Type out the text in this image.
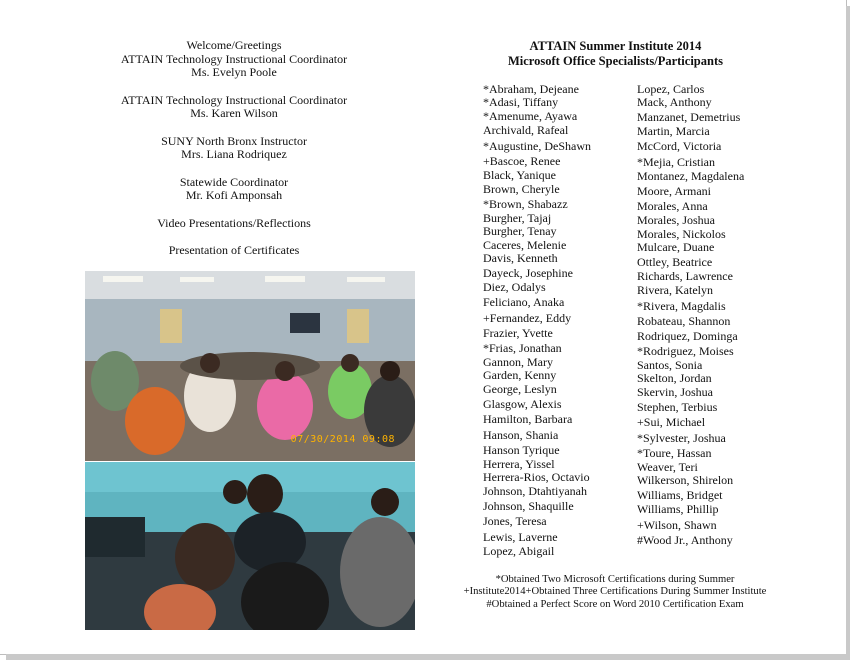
Welcome/Greetings
ATTAIN Technology Instructional Coordinator
Ms. Evelyn Poole
ATTAIN Technology Instructional Coordinator
Ms. Karen Wilson
SUNY North Bronx Instructor
Mrs. Liana Rodriquez
Statewide Coordinator
Mr. Kofi Amponsah
Video Presentations/Reflections
Presentation of Certificates
07/30/2014 09:08
ATTAIN Summer Institute 2014
Microsoft Office Specialists/Participants
*Abraham, Dejeane
*Adasi, Tiffany
*Amenume, Ayawa
Archivald, Rafeal
*Augustine, DeShawn
+Bascoe, Renee
Black, Yanique
Brown, Cheryle
*Brown, Shabazz
Burgher, Tajaj
Burgher, Tenay
Caceres, Melenie
Davis, Kenneth
Dayeck, Josephine
Diez, Odalys
Feliciano, Anaka
+Fernandez, Eddy
Frazier, Yvette
*Frias, Jonathan
Gannon, Mary
Garden, Kenny
George, Leslyn
Glasgow, Alexis
Hamilton, Barbara
Hanson, Shania
Hanson Tyrique
Herrera, Yissel
Herrera-Rios, Octavio
Johnson, Dtahtiyanah
Johnson, Shaquille
Jones, Teresa
Lewis, Laverne
Lopez, Abigail
Lopez, Carlos
Mack, Anthony
Manzanet, Demetrius
Martin, Marcia
McCord, Victoria
*Mejia, Cristian
Montanez, Magdalena
Moore, Armani
Morales, Anna
Morales, Joshua
Morales, Nickolos
Mulcare, Duane
Ottley, Beatrice
Richards, Lawrence
Rivera, Katelyn
*Rivera, Magdalis
Robateau, Shannon
Rodriquez, Dominga
*Rodriguez, Moises
Santos, Sonia
Skelton, Jordan
Skervin, Joshua
Stephen, Terbius
+Sui, Michael
*Sylvester, Joshua
*Toure, Hassan
Weaver, Teri
Wilkerson, Shirelon
Williams, Bridget
Williams, Phillip
+Wilson, Shawn
#Wood Jr., Anthony
*Obtained Two Microsoft Certifications during Summer
+Institute2014+Obtained Three Certifications During Summer Institute
#Obtained a Perfect Score on Word 2010 Certification Exam
